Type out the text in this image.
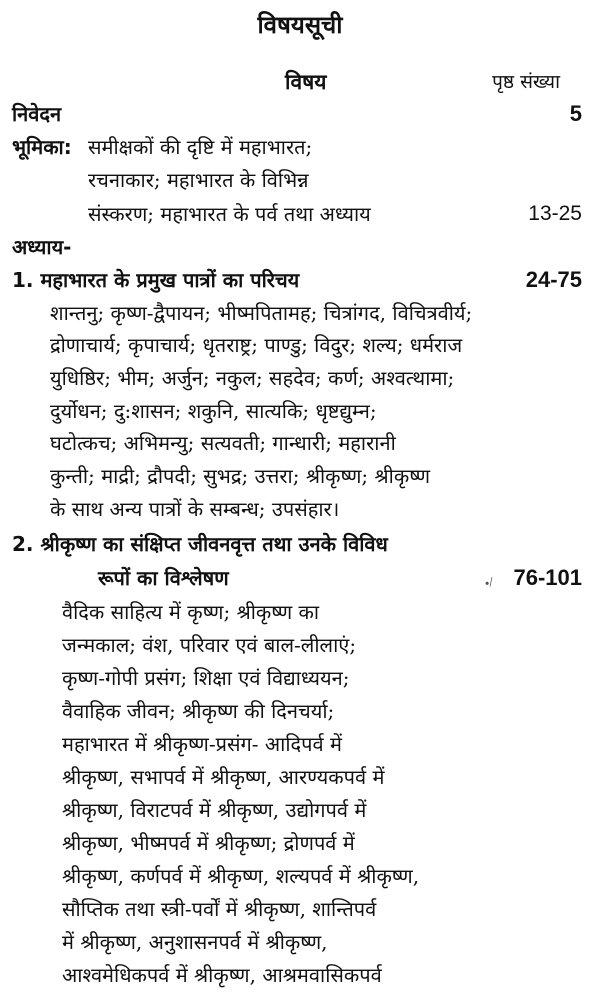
विषयसूची
विषय	पृष्ठ संख्या
निवेदन	5
भूमिका: समीक्षकों की दृष्टि में महाभारत;
रचनाकार; महाभारत के विभिन्न
संस्करण; महाभारत के पर्व तथा अध्याय	13-25
अध्याय-
1. महाभारत के प्रमुख पात्रों का परिचय	24-75
शान्तनु; कृष्ण-द्वैपायन; भीष्मपितामह; चित्रांगद, विचित्रवीर्य;
द्रोणाचार्य; कृपाचार्य; धृतराष्ट्र; पाण्डु; विदुर; शल्य; धर्मराज
युधिष्ठिर; भीम; अर्जुन; नकुल; सहदेव; कर्ण; अश्वत्थामा;
दुर्योधन; दु:शासन; शकुनि, सात्यकि; धृष्टद्युम्न;
घटोत्कच; अभिमन्यु; सत्यवती; गान्धारी; महारानी
कुन्ती; माद्री; द्रौपदी; सुभद्र; उत्तरा; श्रीकृष्ण; श्रीकृष्ण
के साथ अन्य पात्रों के सम्बन्ध; उपसंहार।
2. श्रीकृष्ण का संक्षिप्त जीवनवृत्त तथा उनके विविध
रूपों का विश्लेषण	76-101
•⁄
वैदिक साहित्य में कृष्ण; श्रीकृष्ण का
जन्मकाल; वंश, परिवार एवं बाल-लीलाएं;
कृष्ण-गोपी प्रसंग; शिक्षा एवं विद्याध्ययन;
वैवाहिक जीवन; श्रीकृष्ण की दिनचर्या;
महाभारत में श्रीकृष्ण-प्रसंग- आदिपर्व में
श्रीकृष्ण, सभापर्व में श्रीकृष्ण, आरण्यकपर्व में
श्रीकृष्ण, विराटपर्व में श्रीकृष्ण, उद्योगपर्व में
श्रीकृष्ण, भीष्मपर्व में श्रीकृष्ण; द्रोणपर्व में
श्रीकृष्ण, कर्णपर्व में श्रीकृष्ण, शल्यपर्व में श्रीकृष्ण,
सौप्तिक तथा स्त्री-पर्वों में श्रीकृष्ण, शान्तिपर्व
में श्रीकृष्ण, अनुशासनपर्व में श्रीकृष्ण,
आश्वमेधिकपर्व में श्रीकृष्ण, आश्रमवासिकपर्व
